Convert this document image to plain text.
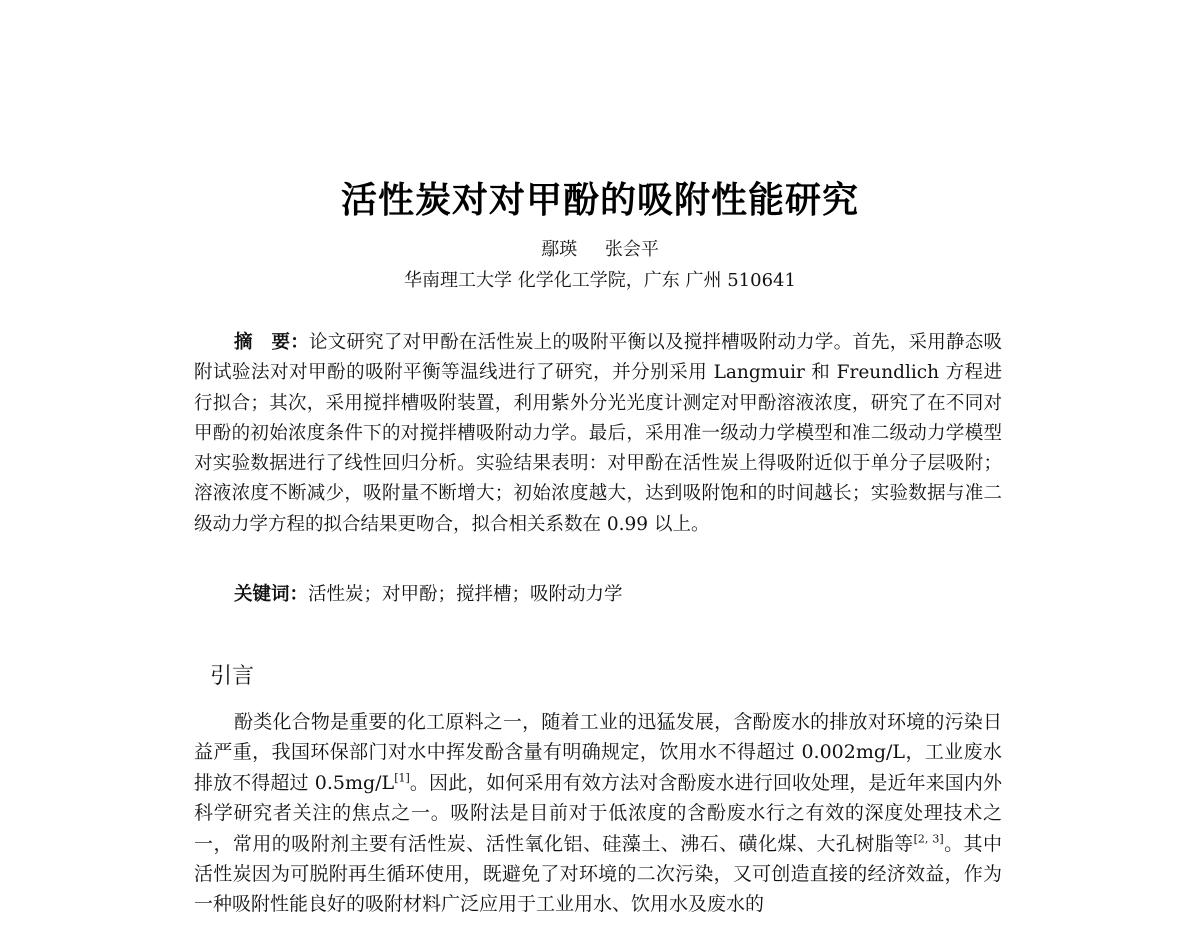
活性炭对对甲酚的吸附性能研究
鄢瑛 张会平
华南理工大学 化学化工学院，广东 广州 510641

摘　要：论文研究了对甲酚在活性炭上的吸附平衡以及搅拌槽吸附动力学。首先，采用静态吸附试验法对对甲酚的吸附平衡等温线进行了研究，并分别采用 Langmuir 和 Freundlich 方程进行拟合；其次，采用搅拌槽吸附装置，利用紫外分光光度计测定对甲酚溶液浓度，研究了在不同对甲酚的初始浓度条件下的对搅拌槽吸附动力学。最后，采用准一级动力学模型和准二级动力学模型对实验数据进行了线性回归分析。实验结果表明：对甲酚在活性炭上得吸附近似于单分子层吸附；溶液浓度不断减少，吸附量不断增大；初始浓度越大，达到吸附饱和的时间越长；实验数据与准二级动力学方程的拟合结果更吻合，拟合相关系数在 0.99 以上。

关键词：活性炭；对甲酚；搅拌槽；吸附动力学

引言

酚类化合物是重要的化工原料之一，随着工业的迅猛发展，含酚废水的排放对环境的污染日益严重，我国环保部门对水中挥发酚含量有明确规定，饮用水不得超过 0.002mg/L，工业废水排放不得超过 0.5mg/L[1]。因此，如何采用有效方法对含酚废水进行回收处理，是近年来国内外科学研究者关注的焦点之一。吸附法是目前对于低浓度的含酚废水行之有效的深度处理技术之一，常用的吸附剂主要有活性炭、活性氧化铝、硅藻土、沸石、磺化煤、大孔树脂等[2, 3]。其中活性炭因为可脱附再生循环使用，既避免了对环境的二次污染，又可创造直接的经济效益，作为一种吸附性能良好的吸附材料广泛应用于工业用水、饮用水及废水的
